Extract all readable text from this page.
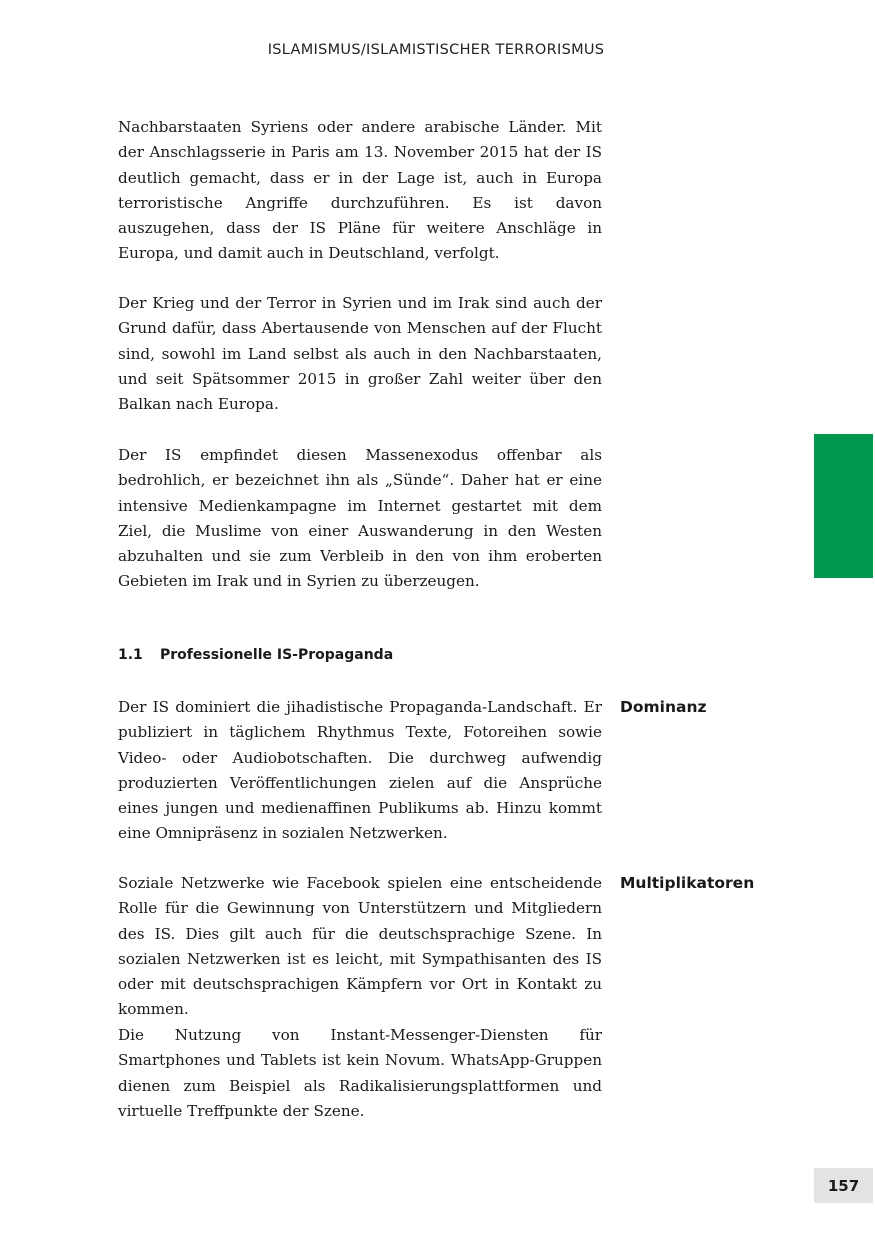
ISLAMISMUS/ISLAMISTISCHER TERRORISMUS

Nachbarstaaten Syriens oder andere arabische Länder. Mit der Anschlagsserie in Paris am 13. November 2015 hat der IS deutlich gemacht, dass er in der Lage ist, auch in Europa terroristische Angriffe durchzuführen. Es ist davon auszugehen, dass der IS Pläne für weitere Anschläge in Europa, und damit auch in Deutschland, verfolgt.

Der Krieg und der Terror in Syrien und im Irak sind auch der Grund dafür, dass Abertausende von Menschen auf der Flucht sind, sowohl im Land selbst als auch in den Nachbarstaaten, und seit Spätsommer 2015 in großer Zahl weiter über den Balkan nach Europa.

Der IS empfindet diesen Massenexodus offenbar als bedrohlich, er bezeichnet ihn als „Sünde“. Daher hat er eine intensive Medienkampagne im Internet gestartet mit dem Ziel, die Muslime von einer Auswanderung in den Westen abzuhalten und sie zum Verbleib in den von ihm eroberten Gebieten im Irak und in Syrien zu überzeugen.

1.1 Professionelle IS-Propaganda

Der IS dominiert die jihadistische Propaganda-Landschaft. Er publiziert in täglichem Rhythmus Texte, Fotoreihen sowie Video- oder Audiobotschaften. Die durchweg aufwendig produzierten Veröffentlichungen zielen auf die Ansprüche eines jungen und medienaffinen Publikums ab. Hinzu kommt eine Omnipräsenz in sozialen Netzwerken.

Dominanz

Soziale Netzwerke wie Facebook spielen eine entscheidende Rolle für die Gewinnung von Unterstützern und Mitgliedern des IS. Dies gilt auch für die deutschsprachige Szene. In sozialen Netzwerken ist es leicht, mit Sympathisanten des IS oder mit deutschsprachigen Kämpfern vor Ort in Kontakt zu kommen.

Multiplikatoren

Die Nutzung von Instant-Messenger-Diensten für Smartphones und Tablets ist kein Novum. WhatsApp-Gruppen dienen zum Beispiel als Radikalisierungsplattformen und virtuelle Treffpunkte der Szene.

157
